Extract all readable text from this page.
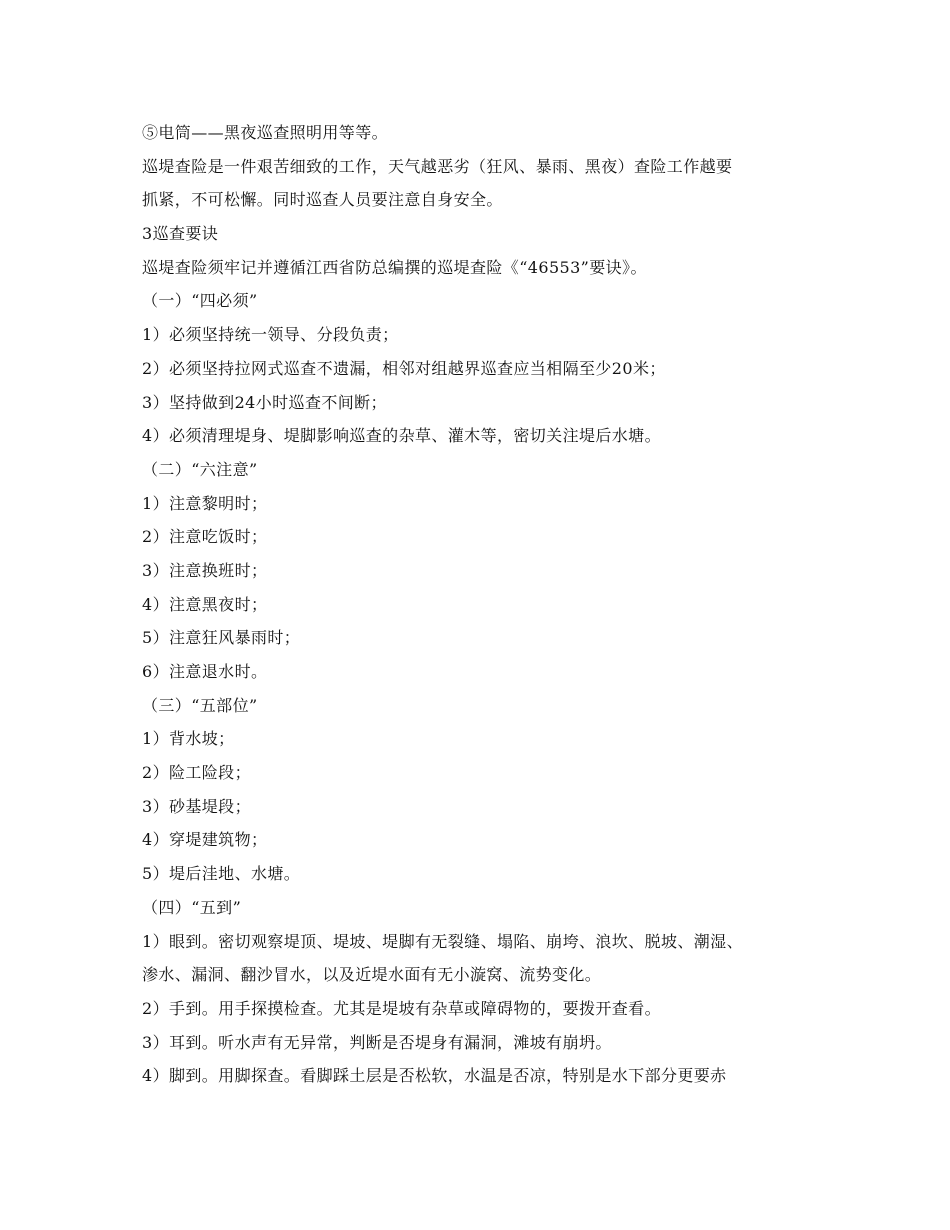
⑤电筒——黑夜巡查照明用等等。
巡堤查险是一件艰苦细致的工作，天气越恶劣（狂风、暴雨、黑夜）查险工作越要
抓紧，不可松懈。同时巡查人员要注意自身安全。
3巡查要诀
巡堤查险须牢记并遵循江西省防总编撰的巡堤查险《“46553”要诀》。
（一）“四必须”
1）必须坚持统一领导、分段负责；
2）必须坚持拉网式巡查不遗漏，相邻对组越界巡查应当相隔至少20米；
3）坚持做到24小时巡查不间断；
4）必须清理堤身、堤脚影响巡查的杂草、灌木等，密切关注堤后水塘。
（二）“六注意”
1）注意黎明时；
2）注意吃饭时；
3）注意换班时；
4）注意黑夜时；
5）注意狂风暴雨时；
6）注意退水时。
（三）“五部位”
1）背水坡；
2）险工险段；
3）砂基堤段；
4）穿堤建筑物；
5）堤后洼地、水塘。
（四）“五到”
1）眼到。密切观察堤顶、堤坡、堤脚有无裂缝、塌陷、崩垮、浪坎、脱坡、潮湿、
渗水、漏洞、翻沙冒水，以及近堤水面有无小漩窝、流势变化。
2）手到。用手探摸检查。尤其是堤坡有杂草或障碍物的，要拨开查看。
3）耳到。听水声有无异常，判断是否堤身有漏洞，滩坡有崩坍。
4）脚到。用脚探查。看脚踩土层是否松软，水温是否凉，特别是水下部分更要赤
